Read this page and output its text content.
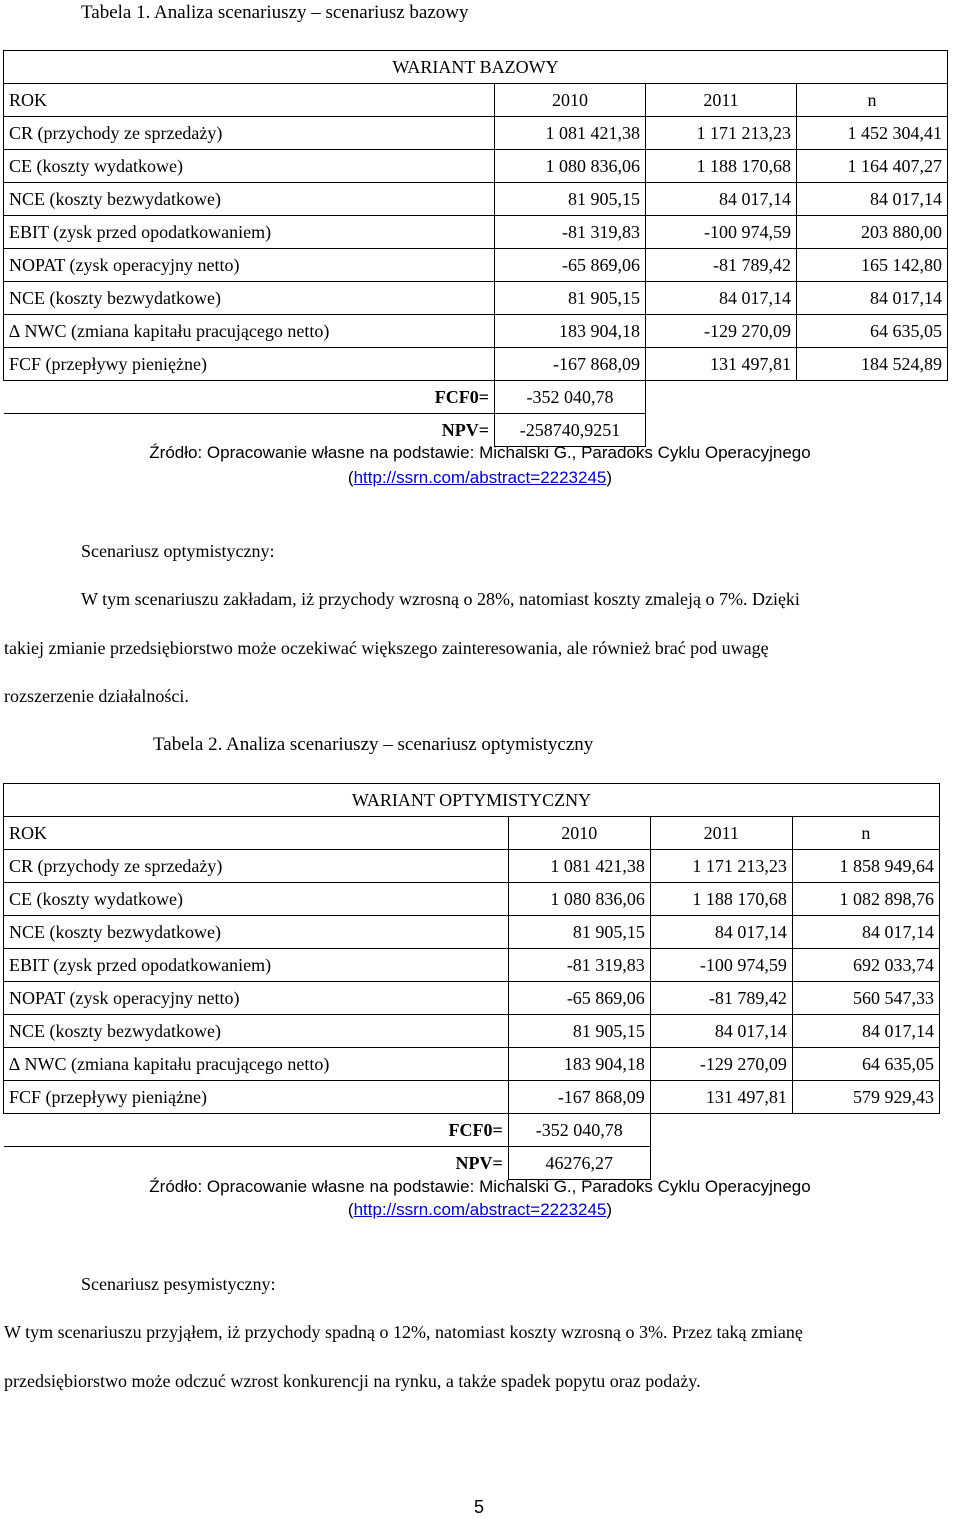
Tabela 1. Analiza scenariuszy – scenariusz bazowy
WARIANT BAZOWY			
ROK	2010	2011	n
CR (przychody ze sprzedaży)	1 081 421,38	1 171 213,23	1 452 304,41
CE (koszty wydatkowe)	1 080 836,06	1 188 170,68	1 164 407,27
NCE (koszty bezwydatkowe)	81 905,15	84 017,14	84 017,14
EBIT (zysk przed opodatkowaniem)	-81 319,83	-100 974,59	203 880,00
NOPAT (zysk operacyjny netto)	-65 869,06	-81 789,42	165 142,80
NCE (koszty bezwydatkowe)	81 905,15	84 017,14	84 017,14
∆ NWC (zmiana kapitału pracującego netto)	183 904,18	-129 270,09	64 635,05
FCF (przepływy pieniężne)	-167 868,09	131 497,81	184 524,89
FCF0=	-352 040,78		
NPV=	-258740,9251		
Źródło: Opracowanie własne na podstawie: Michalski G., Paradoks Cyklu Operacyjnego
(http://ssrn.com/abstract=2223245)
Scenariusz optymistyczny:
W tym scenariuszu zakładam, iż przychody wzrosną o 28%, natomiast koszty zmaleją o 7%. Dzięki
takiej zmianie przedsiębiorstwo może oczekiwać większego zainteresowania, ale również brać pod uwagę
rozszerzenie działalności.
Tabela 2. Analiza scenariuszy – scenariusz optymistyczny
WARIANT OPTYMISTYCZNY			
ROK	2010	2011	n
CR (przychody ze sprzedaży)	1 081 421,38	1 171 213,23	1 858 949,64
CE (koszty wydatkowe)	1 080 836,06	1 188 170,68	1 082 898,76
NCE (koszty bezwydatkowe)	81 905,15	84 017,14	84 017,14
EBIT (zysk przed opodatkowaniem)	-81 319,83	-100 974,59	692 033,74
NOPAT (zysk operacyjny netto)	-65 869,06	-81 789,42	560 547,33
NCE (koszty bezwydatkowe)	81 905,15	84 017,14	84 017,14
∆ NWC (zmiana kapitału pracującego netto)	183 904,18	-129 270,09	64 635,05
FCF (przepływy pieniążne)	-167 868,09	131 497,81	579 929,43
FCF0=	-352 040,78		
NPV=	46276,27		
Źródło: Opracowanie własne na podstawie: Michalski G., Paradoks Cyklu Operacyjnego
(http://ssrn.com/abstract=2223245)
Scenariusz pesymistyczny:
W tym scenariuszu przyjąłem, iż przychody spadną o 12%, natomiast koszty wzrosną o 3%. Przez taką zmianę
przedsiębiorstwo może odczuć wzrost konkurencji na rynku, a także spadek popytu oraz podaży.
5
